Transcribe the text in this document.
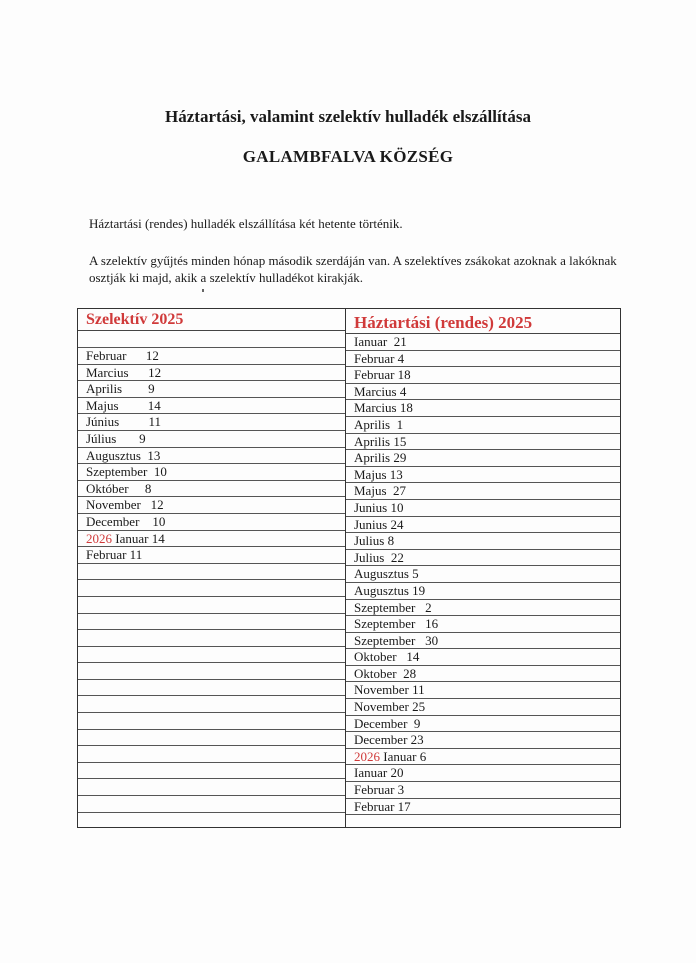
Háztartási, valamint szelektív hulladék elszállítása
GALAMBFALVA KÖZSÉG
Háztartási (rendes) hulladék elszállítása két hetente történik.
A szelektív gyűjtés minden hónap második szerdáján van. A szelektíves zsákokat azoknak a lakóknak osztják ki majd, akik a szelektív hulladékot kirakják.
Szelektív 2025
Februar      12
Marcius      12
Aprilis        9
Majus         14
Június         11
Július       9
Augusztus  13
Szeptember  10
Október     8
November   12
December    10
2026 Ianuar 14
Februar 11
Háztartási (rendes) 2025
Ianuar  21
Februar 4
Februar 18
Marcius 4
Marcius 18
Aprilis  1
Aprilis 15
Aprilis 29
Majus 13
Majus  27
Junius 10
Junius 24
Julius 8
Julius  22
Augusztus 5
Augusztus 19
Szeptember   2
Szeptember   16
Szeptember   30
Oktober   14
Oktober  28
November 11
November 25
December  9
December 23
2026 Ianuar 6
Ianuar 20
Februar 3
Februar 17
